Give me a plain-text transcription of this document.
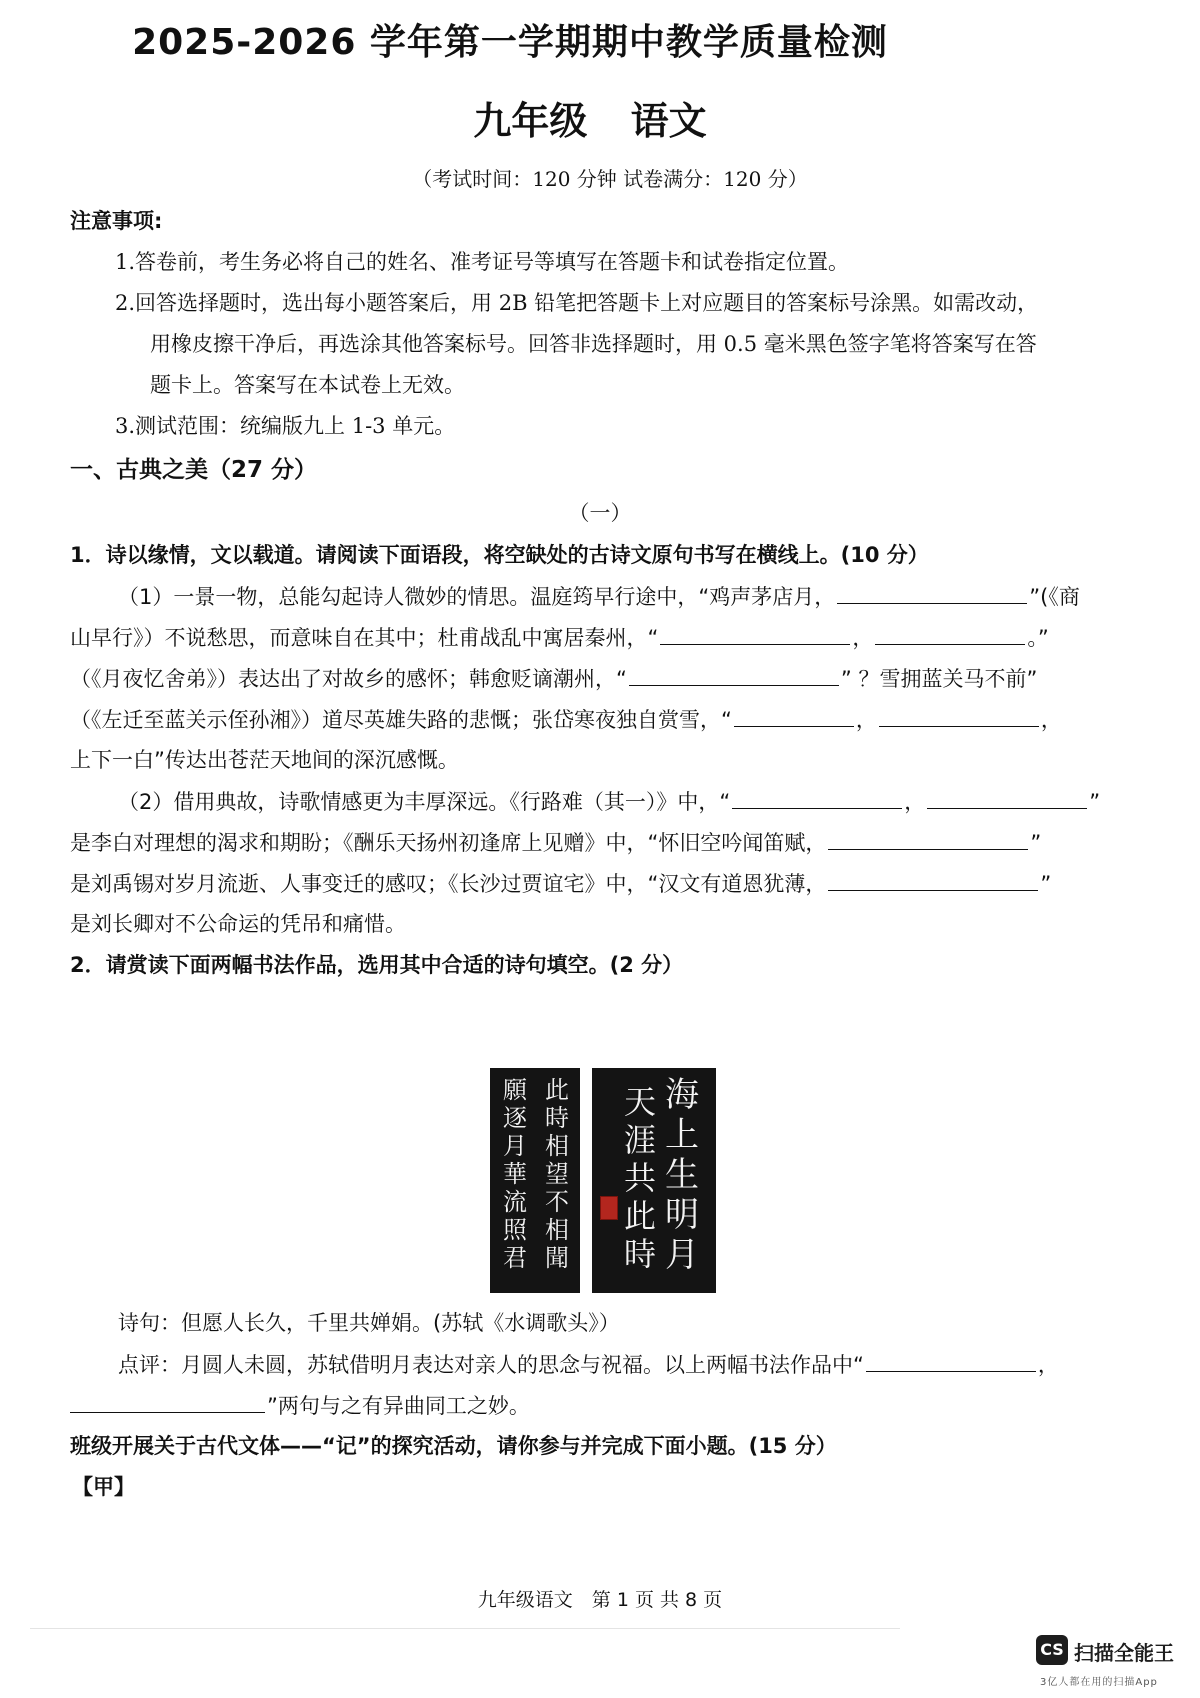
2025-2026 学年第一学期期中教学质量检测
九年级 语文
（考试时间：120 分钟 试卷满分：120 分）
注意事项:
1.答卷前，考生务必将自己的姓名、准考证号等填写在答题卡和试卷指定位置。
2.回答选择题时，选出每小题答案后，用 2B 铅笔把答题卡上对应题目的答案标号涂黑。如需改动，
用橡皮擦干净后，再选涂其他答案标号。回答非选择题时，用 0.5 毫米黑色签字笔将答案写在答
题卡上。答案写在本试卷上无效。
3.测试范围：统编版九上 1-3 单元。
一、古典之美（27 分）
（一）
1．诗以缘情，文以载道。请阅读下面语段，将空缺处的古诗文原句书写在横线上。(10 分）
（1）一景一物，总能勾起诗人微妙的情思。温庭筠早行途中，“鸡声茅店月，	”(《商
山早行》）不说愁思，而意味自在其中；杜甫战乱中寓居秦州，“	，	。”
（《月夜忆舍弟》）表达出了对故乡的感怀；韩愈贬谪潮州，“	” ？雪拥蓝关马不前”
（《左迁至蓝关示侄孙湘》）道尽英雄失路的悲慨；张岱寒夜独自赏雪，“	，	，
上下一白”传达出苍茫天地间的深沉感慨。
（2）借用典故，诗歌情感更为丰厚深远。《行路难（其一）》中，“	，	”
是李白对理想的渴求和期盼；《酬乐天扬州初逢席上见赠》中，“怀旧空吟闻笛赋，	”
是刘禹锡对岁月流逝、人事变迁的感叹；《长沙过贾谊宅》中，“汉文有道恩犹薄，	”
是刘长卿对不公命运的凭吊和痛惜。
2．请赏读下面两幅书法作品，选用其中合适的诗句填空。(2 分）
此
時
相
望
不
相
聞
願
逐
月
華
流
照
君
海
上
生
明
月
天
涯
共
此
時
诗句：但愿人长久，千里共婵娟。(苏轼《水调歌头》）
点评：月圆人未圆，苏轼借明月表达对亲人的思念与祝福。以上两幅书法作品中“	，
”两句与之有异曲同工之妙。
班级开展关于古代文体——“记”的探究活动，请你参与并完成下面小题。(15 分）
【甲】
九年级语文　第 1 页 共 8 页
CS 扫描全能王
3亿人都在用的扫描App
